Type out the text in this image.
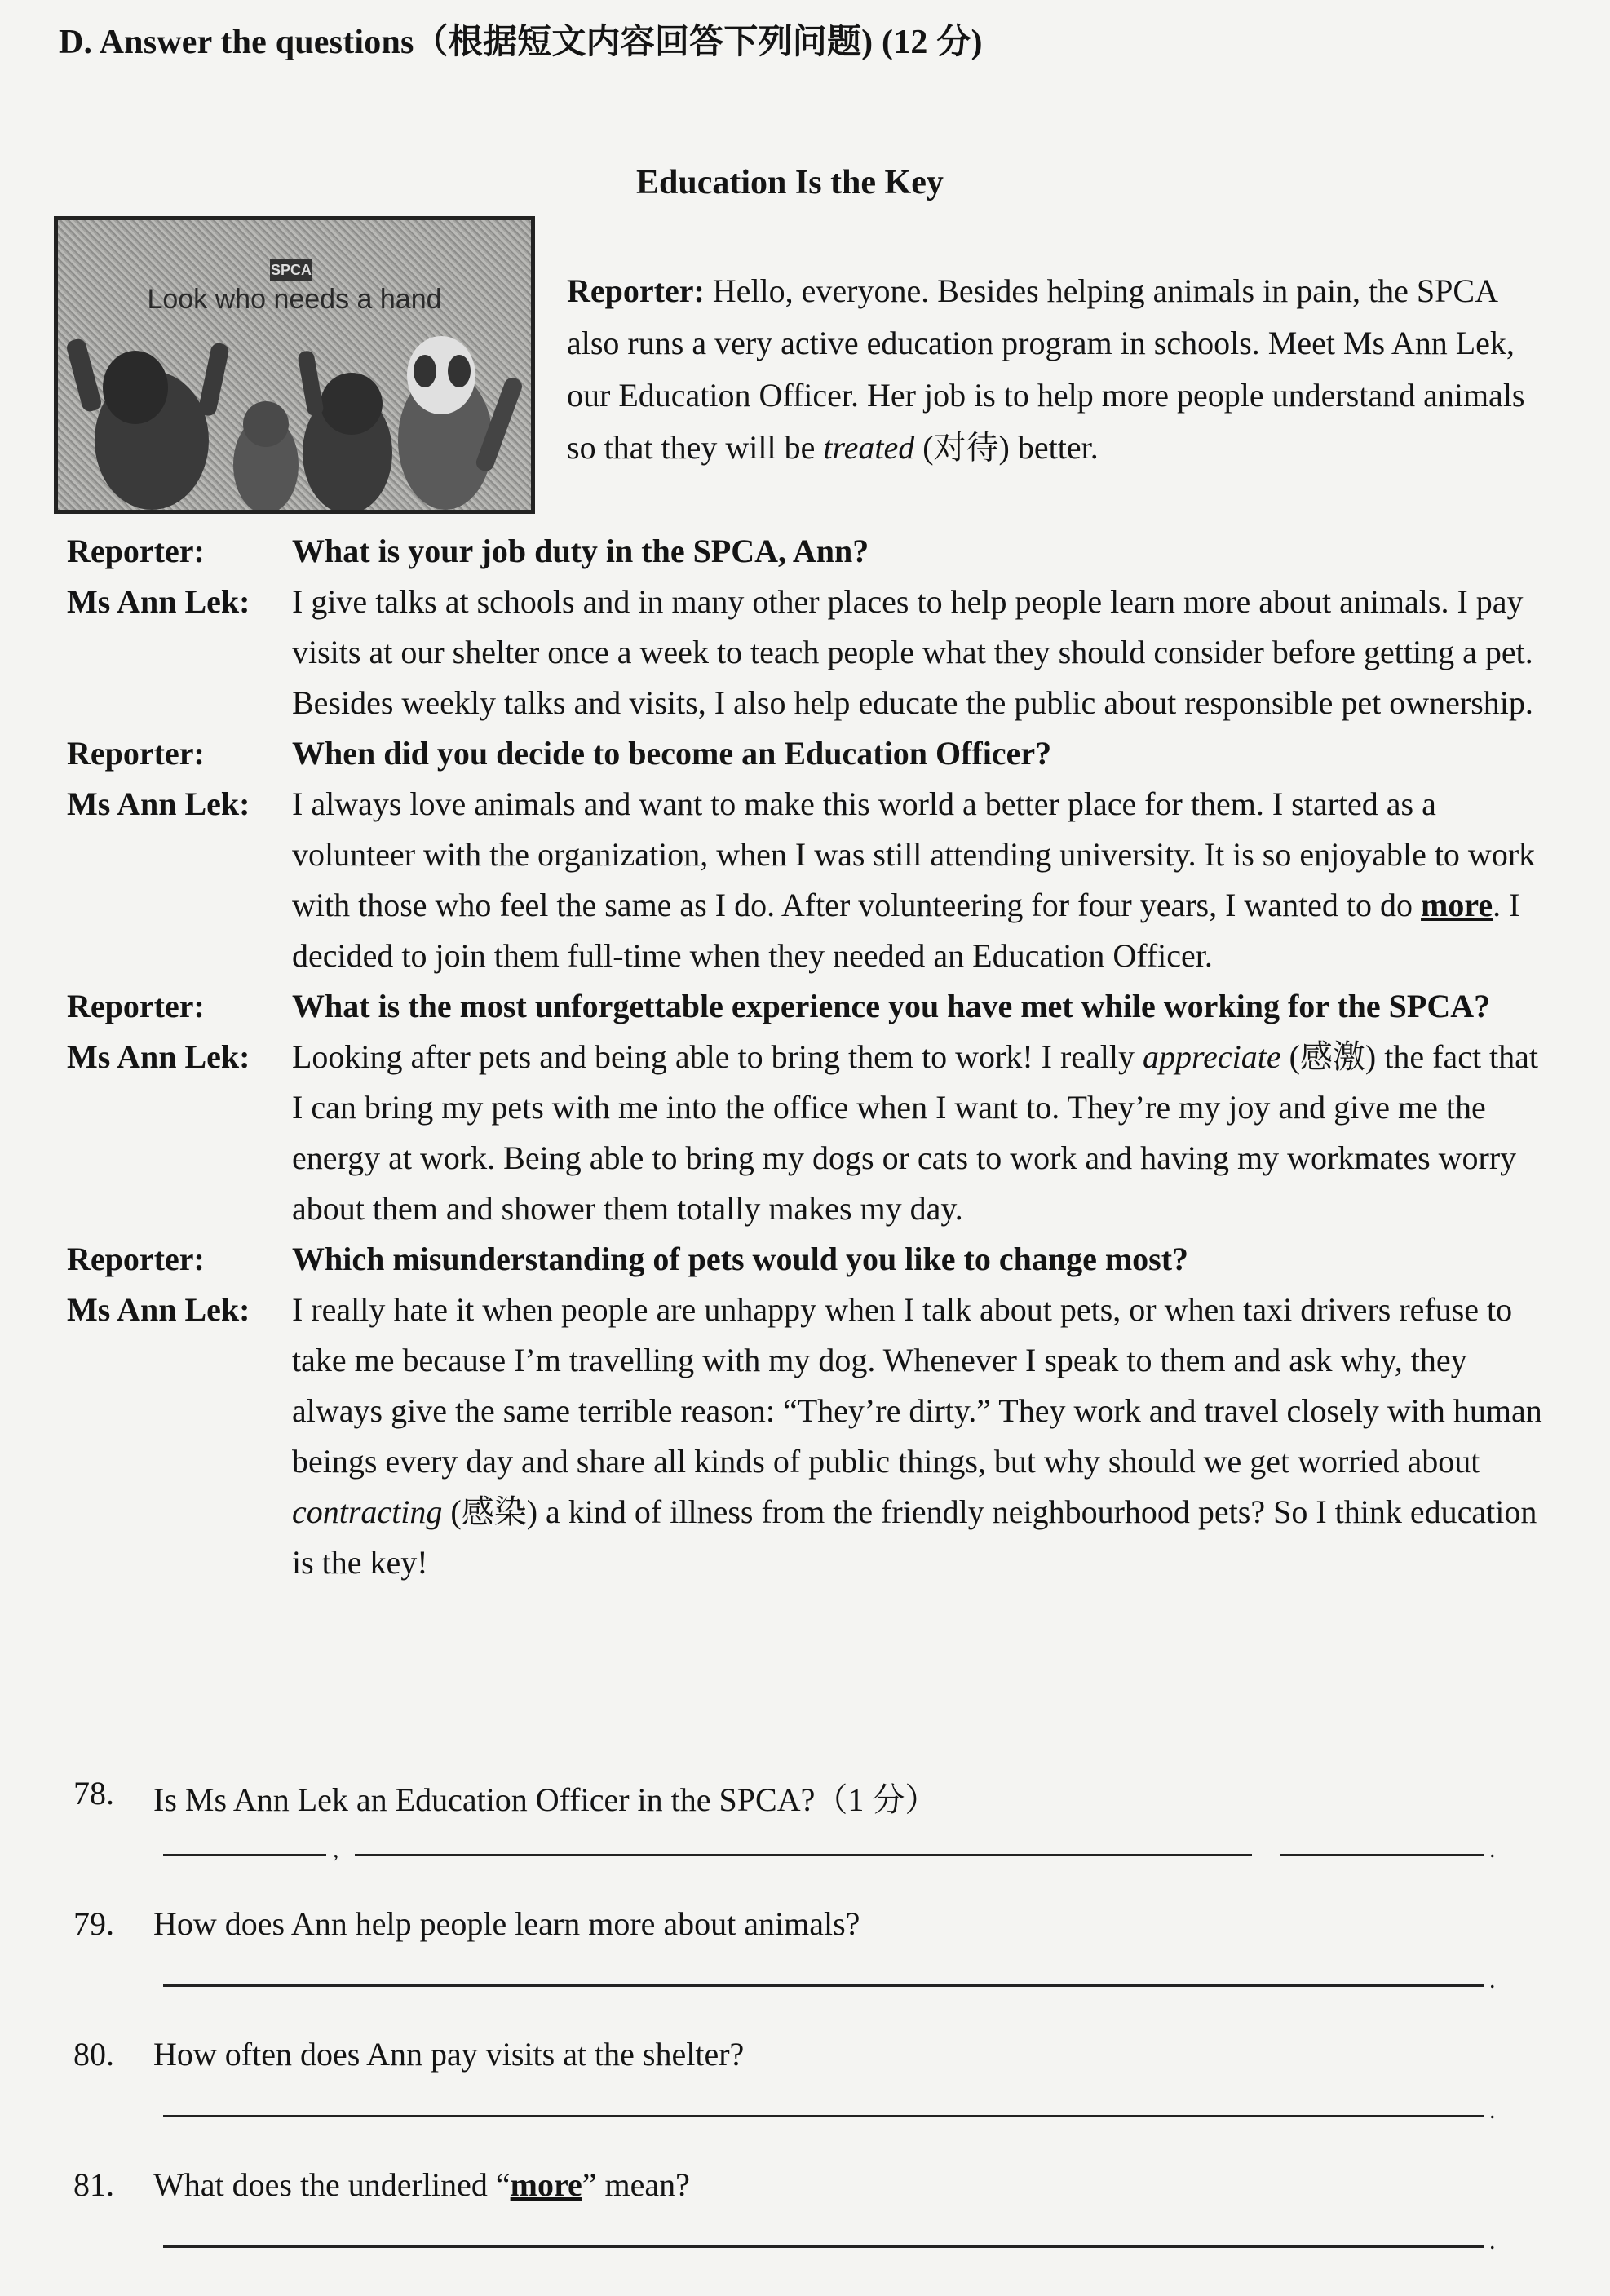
D. Answer the questions（根据短文内容回答下列问题) (12 分)
Education Is the Key
SPCA
Look who needs a hand	Reporter: Hello, everyone. Besides helping animals in pain, the SPCA also runs a very active education program in schools. Meet Ms Ann Lek, our Education Officer. Her job is to help more people understand animals so that they will be treated (对待) better.
Reporter:	What is your job duty in the SPCA, Ann?
Ms Ann Lek:	I give talks at schools and in many other places to help people learn more about animals. I pay visits at our shelter once a week to teach people what they should consider before getting a pet. Besides weekly talks and visits, I also help educate the public about responsible pet ownership.
Reporter:	When did you decide to become an Education Officer?
Ms Ann Lek:	I always love animals and want to make this world a better place for them. I started as a volunteer with the organization, when I was still attending university. It is so enjoyable to work with those who feel the same as I do. After volunteering for four years, I wanted to do more. I decided to join them full-time when they needed an Education Officer.
Reporter:	What is the most unforgettable experience you have met while working for the SPCA?
Ms Ann Lek:	Looking after pets and being able to bring them to work! I really appreciate (感激) the fact that I can bring my pets with me into the office when I want to. They’re my joy and give me the energy at work. Being able to bring my dogs or cats to work and having my workmates worry about them and shower them totally makes my day.
Reporter:	Which misunderstanding of pets would you like to change most?
Ms Ann Lek:	I really hate it when people are unhappy when I talk about pets, or when taxi drivers refuse to take me because I’m travelling with my dog. Whenever I speak to them and ask why, they always give the same terrible reason: “They’re dirty.” They work and travel closely with human beings every day and share all kinds of public things, but why should we get worried about contracting (感染) a kind of illness from the friendly neighbourhood pets? So I think education is the key!
78.	Is Ms Ann Lek an Education Officer in the SPCA?（1 分）
,	.
79.	How does Ann help people learn more about animals?
.
80.	How often does Ann pay visits at the shelter?
.
81.	What does the underlined “more” mean?
.
